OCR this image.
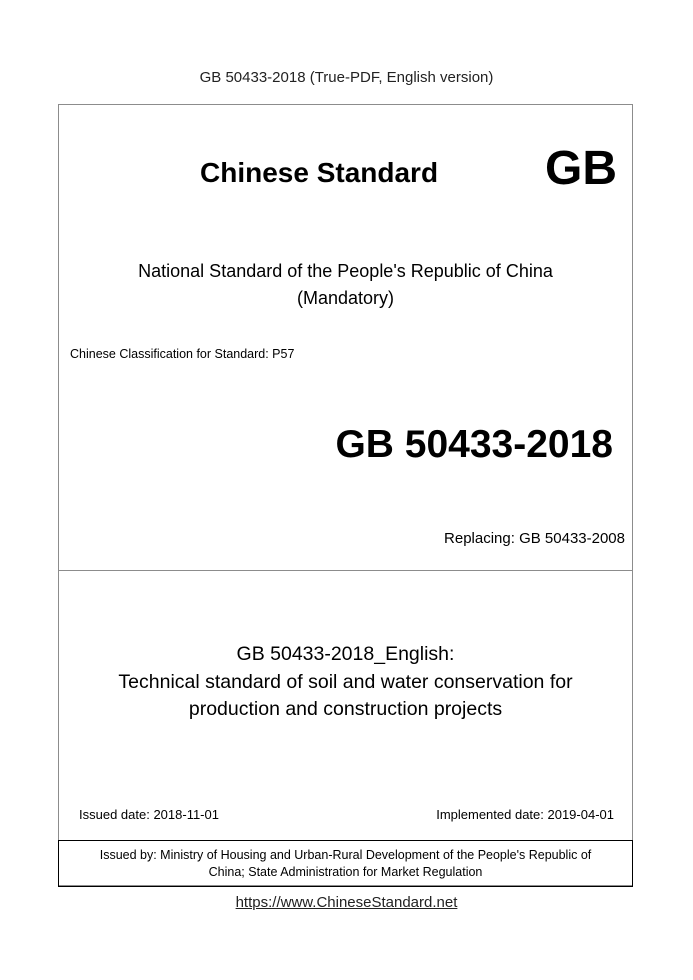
GB 50433-2018 (True-PDF, English version)
Chinese Standard GB
National Standard of the People's Republic of China
(Mandatory)
Chinese Classification for Standard: P57
GB 50433-2018
Replacing: GB 50433-2008
GB 50433-2018_English:
Technical standard of soil and water conservation for
production and construction projects
Issued date: 2018-11-01	Implemented date: 2019-04-01
Issued by: Ministry of Housing and Urban-Rural Development of the People's Republic of
China; State Administration for Market Regulation
https://www.ChineseStandard.net
